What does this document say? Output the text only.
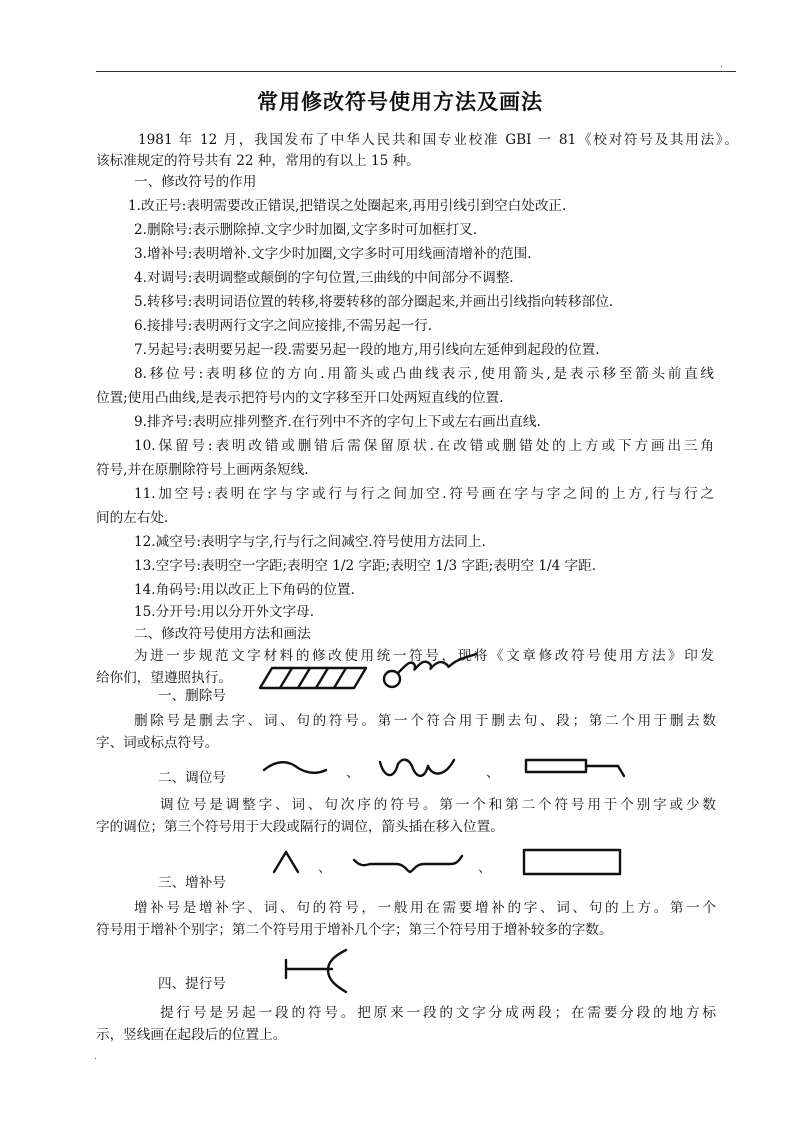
.
常用修改符号使用方法及画法
1981 年 12 月，我国发布了中华人民共和国专业校准 GBI 一 81《校对符号及其用法》。
该标准规定的符号共有 22 种，常用的有以上 15 种。
一、修改符号的作用
1.改正号:表明需要改正错误,把错误之处圈起来,再用引线引到空白处改正.
2.删除号:表示删除掉.文字少时加圈,文字多时可加框打叉.
3.增补号:表明增补.文字少时加圈,文字多时可用线画清增补的范围.
4.对调号:表明调整或颠倒的字句位置,三曲线的中间部分不调整.
5.转移号:表明词语位置的转移,将要转移的部分圈起来,并画出引线指向转移部位.
6.接排号:表明两行文字之间应接排,不需另起一行.
7.另起号:表明要另起一段.需要另起一段的地方,用引线向左延伸到起段的位置.
8.移位号:表明移位的方向.用箭头或凸曲线表示,使用箭头,是表示移至箭头前直线
位置;使用凸曲线,是表示把符号内的文字移至开口处两短直线的位置.
9.排齐号:表明应排列整齐.在行列中不齐的字句上下或左右画出直线.
10.保留号:表明改错或删错后需保留原状.在改错或删错处的上方或下方画出三角
符号,并在原删除符号上画两条短线.
11.加空号:表明在字与字或行与行之间加空.符号画在字与字之间的上方,行与行之
间的左右处.
12.减空号:表明字与字,行与行之间减空.符号使用方法同上.
13.空字号:表明空一字距;表明空 1/2 字距;表明空 1/3 字距;表明空 1/4 字距.
14.角码号:用以改正上下角码的位置.
15.分开号:用以分开外文字母.
二、修改符号使用方法和画法
为进一步规范文字材料的修改使用统一符号，现将《文章修改符号使用方法》印发
给你们，望遵照执行。
一、删除号
删除号是删去字、词、句的符号。第一个符合用于删去句、段；第二个用于删去数
字、词或标点符号。
二、调位号	、	、
调位号是调整字、词、句次序的符号。第一个和第二个符号用于个别字或少数
字的调位；第三个符号用于大段或隔行的调位，箭头插在移入位置。
、	、
三、增补号
增补号是增补字、词、句的符号，一般用在需要增补的字、词、句的上方。第一个
符号用于增补个别字；第二个符号用于增补几个字；第三个符号用于增补较多的字数。
四、提行号
提行号是另起一段的符号。把原来一段的文字分成两段；在需要分段的地方标
示，竖线画在起段后的位置上。
.
